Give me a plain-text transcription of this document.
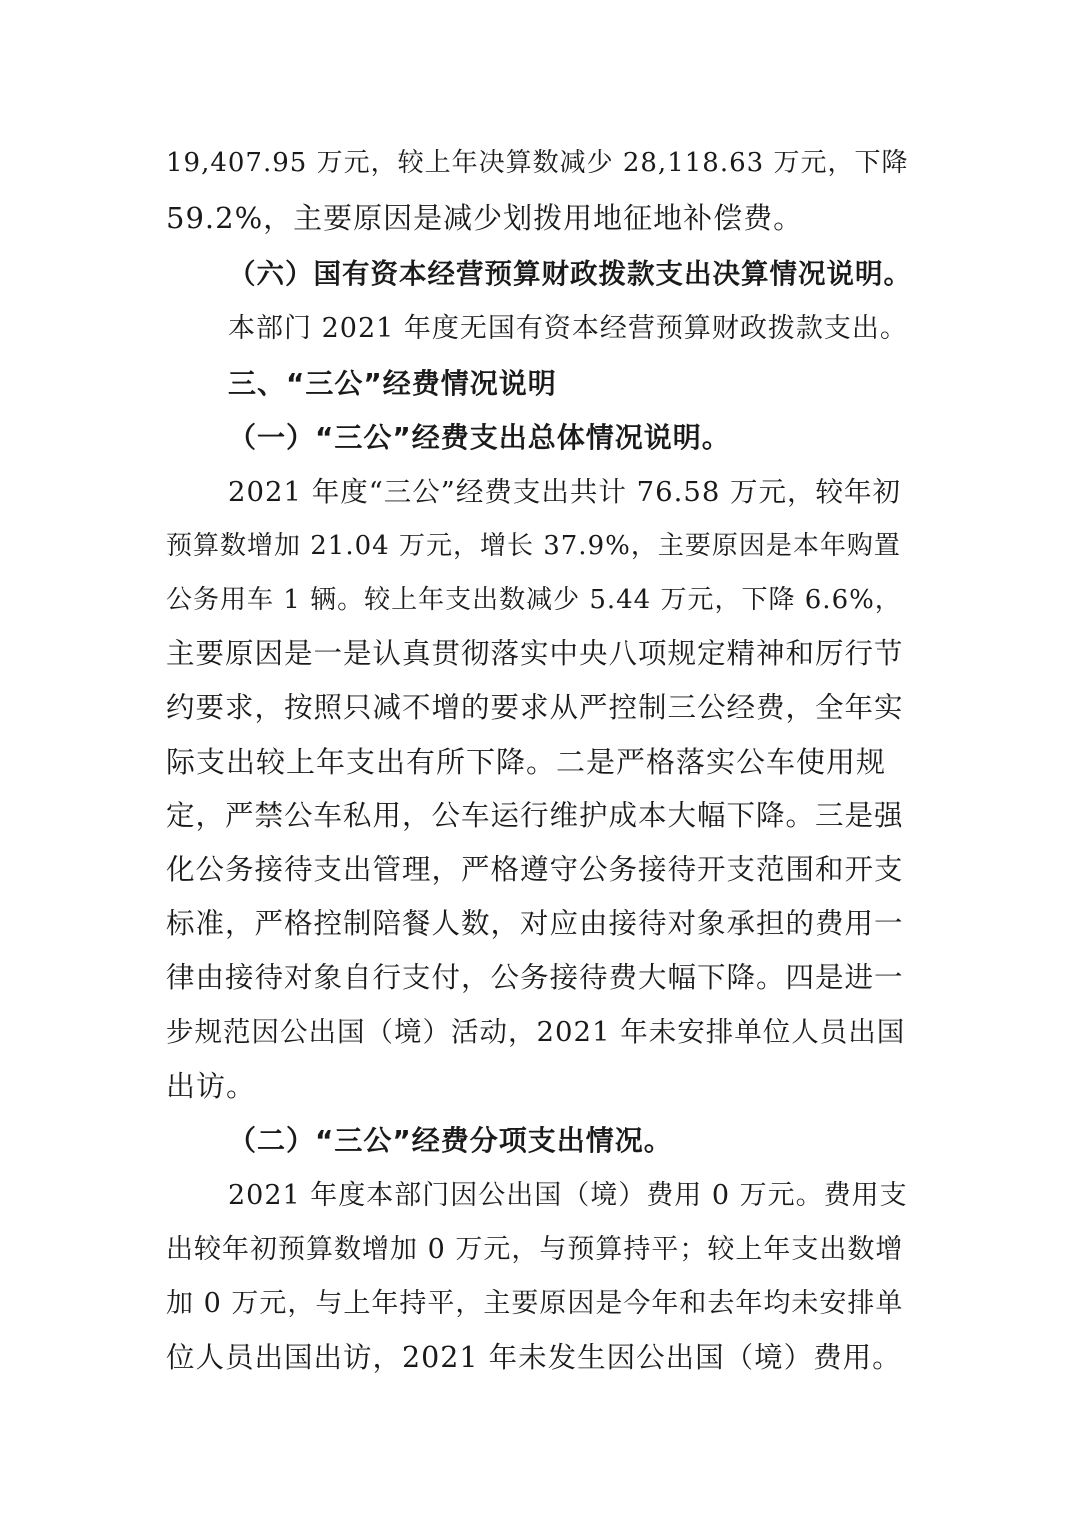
19,407.95 万元，较上年决算数减少 28,118.63 万元，下降
59.2%，主要原因是减少划拨用地征地补偿费。
（六）国有资本经营预算财政拨款支出决算情况说明。
本部门 2021 年度无国有资本经营预算财政拨款支出。
三、“三公”经费情况说明
（一）“三公”经费支出总体情况说明。
2021 年度“三公”经费支出共计 76.58 万元，较年初
预算数增加 21.04 万元，增长 37.9%，主要原因是本年购置
公务用车 1 辆。较上年支出数减少 5.44 万元，下降 6.6%，
主要原因是一是认真贯彻落实中央八项规定精神和厉行节
约要求，按照只减不增的要求从严控制三公经费，全年实
际支出较上年支出有所下降。二是严格落实公车使用规
定，严禁公车私用，公车运行维护成本大幅下降。三是强
化公务接待支出管理，严格遵守公务接待开支范围和开支
标准，严格控制陪餐人数，对应由接待对象承担的费用一
律由接待对象自行支付，公务接待费大幅下降。四是进一
步规范因公出国（境）活动，2021 年未安排单位人员出国
出访。
（二）“三公”经费分项支出情况。
2021 年度本部门因公出国（境）费用 0 万元。费用支
出较年初预算数增加 0 万元，与预算持平；较上年支出数增
加 0 万元，与上年持平，主要原因是今年和去年均未安排单
位人员出国出访，2021 年未发生因公出国（境）费用。
